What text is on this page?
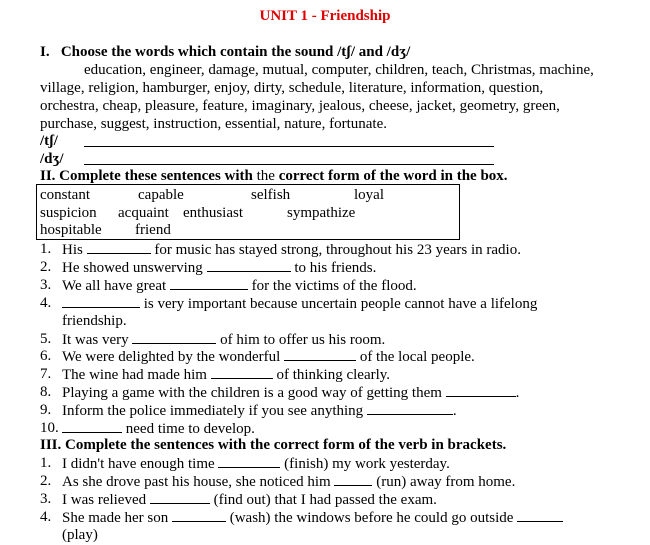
UNIT 1 - Friendship
I. Choose the words which contain the sound /tʃ/ and /dʒ/
education, engineer, damage, mutual, computer, children, teach, Christmas, machine,
village, religion, hamburger, enjoy, dirty, schedule, literature, information, question,
orchestra, cheap, pleasure, feature, imaginary, jealous, cheese, jacket, geometry, green,
purchase, suggest, instruction, essential, nature, fortunate.
/tʃ/
/dʒ/
II. Complete these sentences with the correct form of the word in the box.
constant	capable	selfish	loyal
suspicion acquaint enthusiast	sympathize
hospitable friend
1. His	for music has stayed strong, throughout his 23 years in radio.
2. He showed unswerving	to his friends.
3. We all have great	for the victims of the flood.
4.	is very important because uncertain people cannot have a lifelong
friendship.
5. It was very	of him to offer us his room.
6. We were delighted by the wonderful	of the local people.
7. The wine had made him	of thinking clearly.
8. Playing a game with the children is a good way of getting them	.
9. Inform the police immediately if you see anything	.
10.	need time to develop.
III. Complete the sentences with the correct form of the verb in brackets.
1. I didn't have enough time	(finish) my work yesterday.
2. As she drove past his house, she noticed him	(run) away from home.
3. I was relieved	(find out) that I had passed the exam.
4. She made her son	(wash) the windows before he could go outside
(play)
